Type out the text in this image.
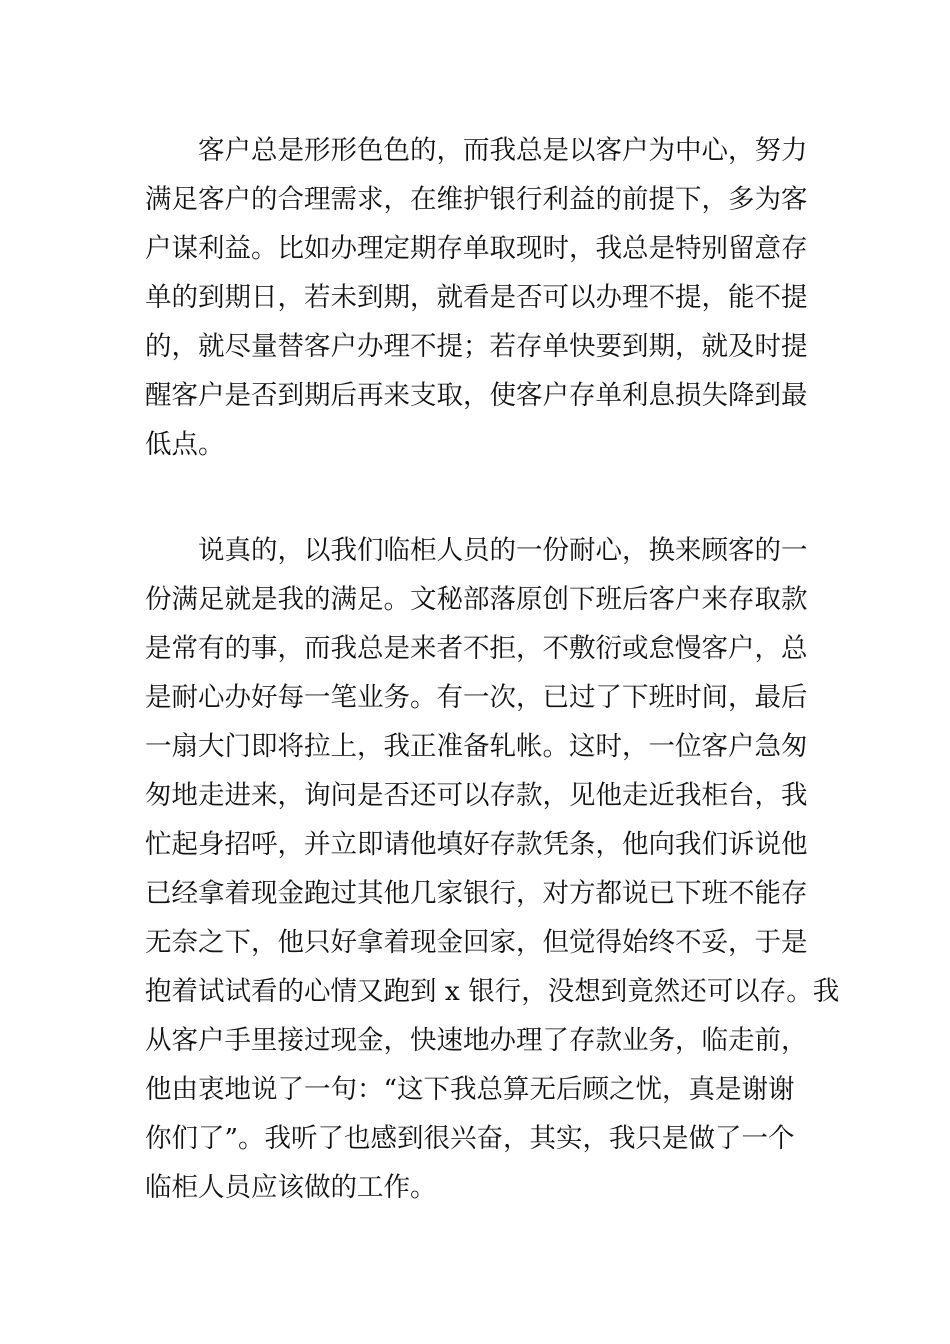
客户总是形形色色的，而我总是以客户为中心，努力
满足客户的合理需求，在维护银行利益的前提下，多为客
户谋利益。比如办理定期存单取现时，我总是特别留意存
单的到期日，若未到期，就看是否可以办理不提，能不提
的，就尽量替客户办理不提；若存单快要到期，就及时提
醒客户是否到期后再来支取，使客户存单利息损失降到最
低点。
说真的，以我们临柜人员的一份耐心，换来顾客的一
份满足就是我的满足。文秘部落原创下班后客户来存取款
是常有的事，而我总是来者不拒，不敷衍或怠慢客户，总
是耐心办好每一笔业务。有一次，已过了下班时间，最后
一扇大门即将拉上，我正准备轧帐。这时，一位客户急匆
匆地走进来，询问是否还可以存款，见他走近我柜台，我
忙起身招呼，并立即请他填好存款凭条，他向我们诉说他
已经拿着现金跑过其他几家银行，对方都说已下班不能存
无奈之下，他只好拿着现金回家，但觉得始终不妥，于是
抱着试试看的心情又跑到 x 银行，没想到竟然还可以存。我
从客户手里接过现金，快速地办理了存款业务，临走前，
他由衷地说了一句：“这下我总算无后顾之忧，真是谢谢
你们了”。我听了也感到很兴奋，其实，我只是做了一个
临柜人员应该做的工作。
